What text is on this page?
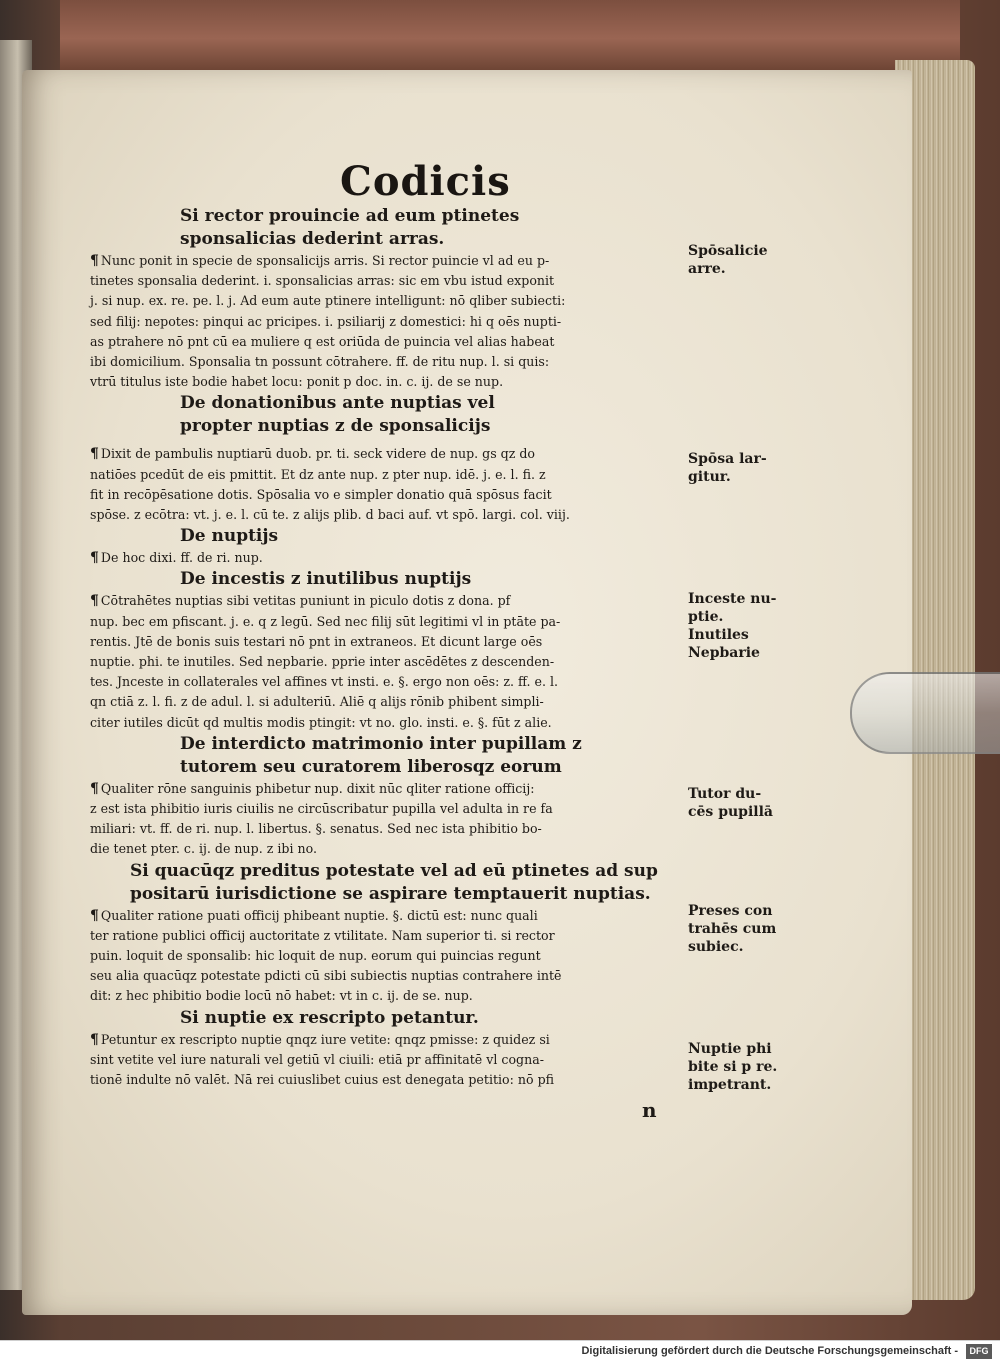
Codicis
Si rector prouincie ad eum ptinetes
sponsalicias dederint arras.
¶ Nunc ponit in specie de sponsalicijs arris. Si rector puincie vl ad eu p-
tinetes sponsalia dederint. i. sponsalicias arras: sic em vbu istud exponit
j. si nup. ex. re. pe. l. j. Ad eum aute ptinere intelligunt: nō qliber subiecti:
sed filij: nepotes: pinqui ac pricipes. i. psiliarij z domestici: hi q oēs nupti-
as ptrahere nō pnt cū ea muliere q est oriūda de puincia vel alias habeat
ibi domicilium. Sponsalia tn possunt cōtrahere. ff. de ritu nup. l. si quis:
vtrū titulus iste bodie habet locu: ponit p doc. in. c. ij. de se nup.
De donationibus ante nuptias vel
propter nuptias z de sponsalicijs
¶ Dixit de pambulis nuptiarū duob. pr. ti. seck videre de nup. gs qz do
natiōes pcedūt de eis pmittit. Et dz ante nup. z pter nup. idē. j. e. l. fi. z
fit in recōpēsatione dotis. Spōsalia vo e simpler donatio quā spōsus facit
spōse. z ecōtra: vt. j. e. l. cū te. z alijs plib. d baci auf. vt spō. largi. col. viij.
De nuptijs
¶ De hoc dixi. ff. de ri. nup.
De incestis z inutilibus nuptijs
¶ Cōtrahētes nuptias sibi vetitas puniunt in piculo dotis z dona. pf
nup. bec em pfiscant. j. e. q z legū. Sed nec filij sūt legitimi vl in ptāte pa-
rentis. Jtē de bonis suis testari nō pnt in extraneos. Et dicunt large oēs
nuptie. phi. te inutiles. Sed nepbarie. pprie inter ascēdētes z descenden-
tes. Jnceste in collaterales vel affines vt insti. e. §. ergo non oēs: z. ff. e. l.
qn ctiā z. l. fi. z de adul. l. si adulteriū. Aliē q alijs rōnib phibent simpli-
citer iutiles dicūt qd multis modis ptingit: vt no. glo. insti. e. §. fūt z alie.
De interdicto matrimonio inter pupillam z
tutorem seu curatorem liberosqz eorum
¶ Qualiter rōne sanguinis phibetur nup. dixit nūc qliter ratione officij:
z est ista phibitio iuris ciuilis ne circūscribatur pupilla vel adulta in re fa
miliari: vt. ff. de ri. nup. l. libertus. §. senatus. Sed nec ista phibitio bo-
die tenet pter. c. ij. de nup. z ibi no.
Si quacūqz preditus potestate vel ad eū ptinetes ad sup
positarū iurisdictione se aspirare temptauerit nuptias.
¶ Qualiter ratione puati officij phibeant nuptie. §. dictū est: nunc quali
ter ratione publici officij auctoritate z vtilitate. Nam superior ti. si rector
puin. loquit de sponsalib: hic loquit de nup. eorum qui puincias regunt
seu alia quacūqz potestate pdicti cū sibi subiectis nuptias contrahere intē
dit: z hec phibitio bodie locū nō habet: vt in c. ij. de se. nup.
Si nuptie ex rescripto petantur.
¶ Petuntur ex rescripto nuptie qnqz iure vetite: qnqz pmisse: z quidez si
sint vetite vel iure naturali vel getiū vl ciuili: etiā pr affinitatē vl cogna-
tionē indulte nō valēt. Nā rei cuiuslibet cuius est denegata petitio: nō pfi
Spōsalicie
arre.
Spōsa lar-
gitur.
Inceste nu-
ptie.
Inutiles
Nepbarie
Tutor du-
cēs pupillā
Preses con
trahēs cum
subiec.
Nuptie phi
bite si p re.
impetrant.
n
Digitalisierung gefördert durch die Deutsche Forschungsgemeinschaft -	DFG
